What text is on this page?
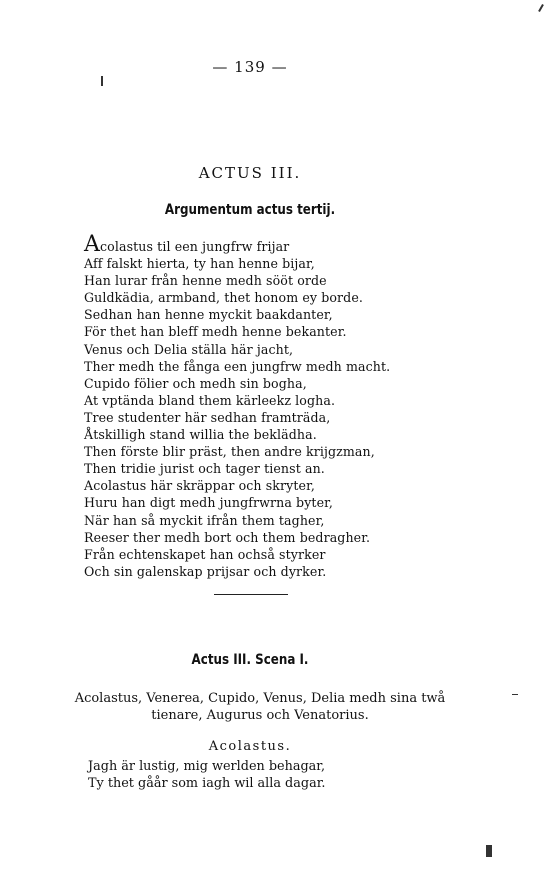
— 139 —
ACTUS III.
Argumentum actus tertij.
Acolastus til een jungfrw frijar
Aff falskt hierta, ty han henne bijar,
Han lurar från henne medh sööt orde
Guldkädia, armband, thet honom ey borde.
Sedhan han henne myckit baakdanter,
För thet han bleff medh henne bekanter.
Venus och Delia ställa här jacht,
Ther medh the fånga een jungfrw medh macht.
Cupido fölier och medh sin bogha,
At vptända bland them kärleekz logha.
Tree studenter här sedhan framträda,
Åtskilligh stand willia the beklädha.
Then förste blir präst, then andre krijgzman,
Then tridie jurist och tager tienst an.
Acolastus här skräppar och skryter,
Huru han digt medh jungfrwrna byter,
När han så myckit ifrån them tagher,
Reeser ther medh bort och them bedragher.
Från echtenskapet han ochså styrker
Och sin galenskap prijsar och dyrker.
Actus III. Scena I.
Acolastus, Venerea, Cupido, Venus, Delia medh sina twå
tienare, Augurus och Venatorius.
Acolastus.
Jagh är lustig, mig werlden behagar,
Ty thet gåår som iagh wil alla dagar.
